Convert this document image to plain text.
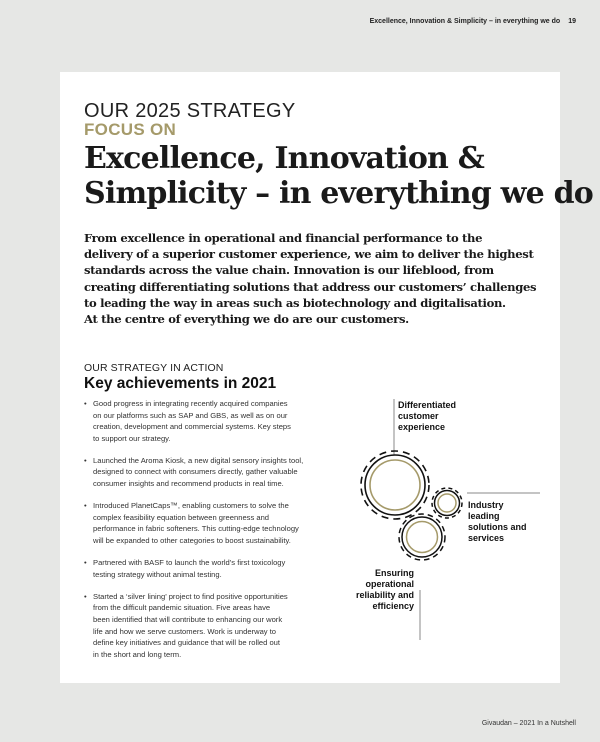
Excellence, Innovation & Simplicity – in everything we do 19
OUR 2025 STRATEGY
FOCUS ON
Excellence, Innovation &
Simplicity – in everything we do
From excellence in operational and financial performance to the
delivery of a superior customer experience, we aim to deliver the highest
standards across the value chain. Innovation is our lifeblood, from
creating differentiating solutions that address our customers’ challenges
to leading the way in areas such as biotechnology and digitalisation.
At the centre of everything we do are our customers.
OUR STRATEGY IN ACTION
Key achievements in 2021
• Good progress in integrating recently acquired companies
on our platforms such as SAP and GBS, as well as on our
creation, development and commercial systems. Key steps
to support our strategy.
• Launched the Aroma Kiosk, a new digital sensory insights tool,
designed to connect with consumers directly, gather valuable
consumer insights and recommend products in real time.
• Introduced PlanetCaps™, enabling customers to solve the
complex feasibility equation between greenness and
performance in fabric softeners. This cutting-edge technology
will be expanded to other categories to boost sustainability.
• Partnered with BASF to launch the world’s first toxicology
testing strategy without animal testing.
• Started a ‘silver lining’ project to find positive opportunities
from the difficult pandemic situation. Five areas have
been identified that will contribute to enhancing our work
life and how we serve customers. Work is underway to
define key initiatives and guidance that will be rolled out
in the short and long term.
Differentiated
customer
experience
Industry
leading
solutions and
services
Ensuring
operational
reliability and
efficiency
Givaudan – 2021 In a Nutshell
